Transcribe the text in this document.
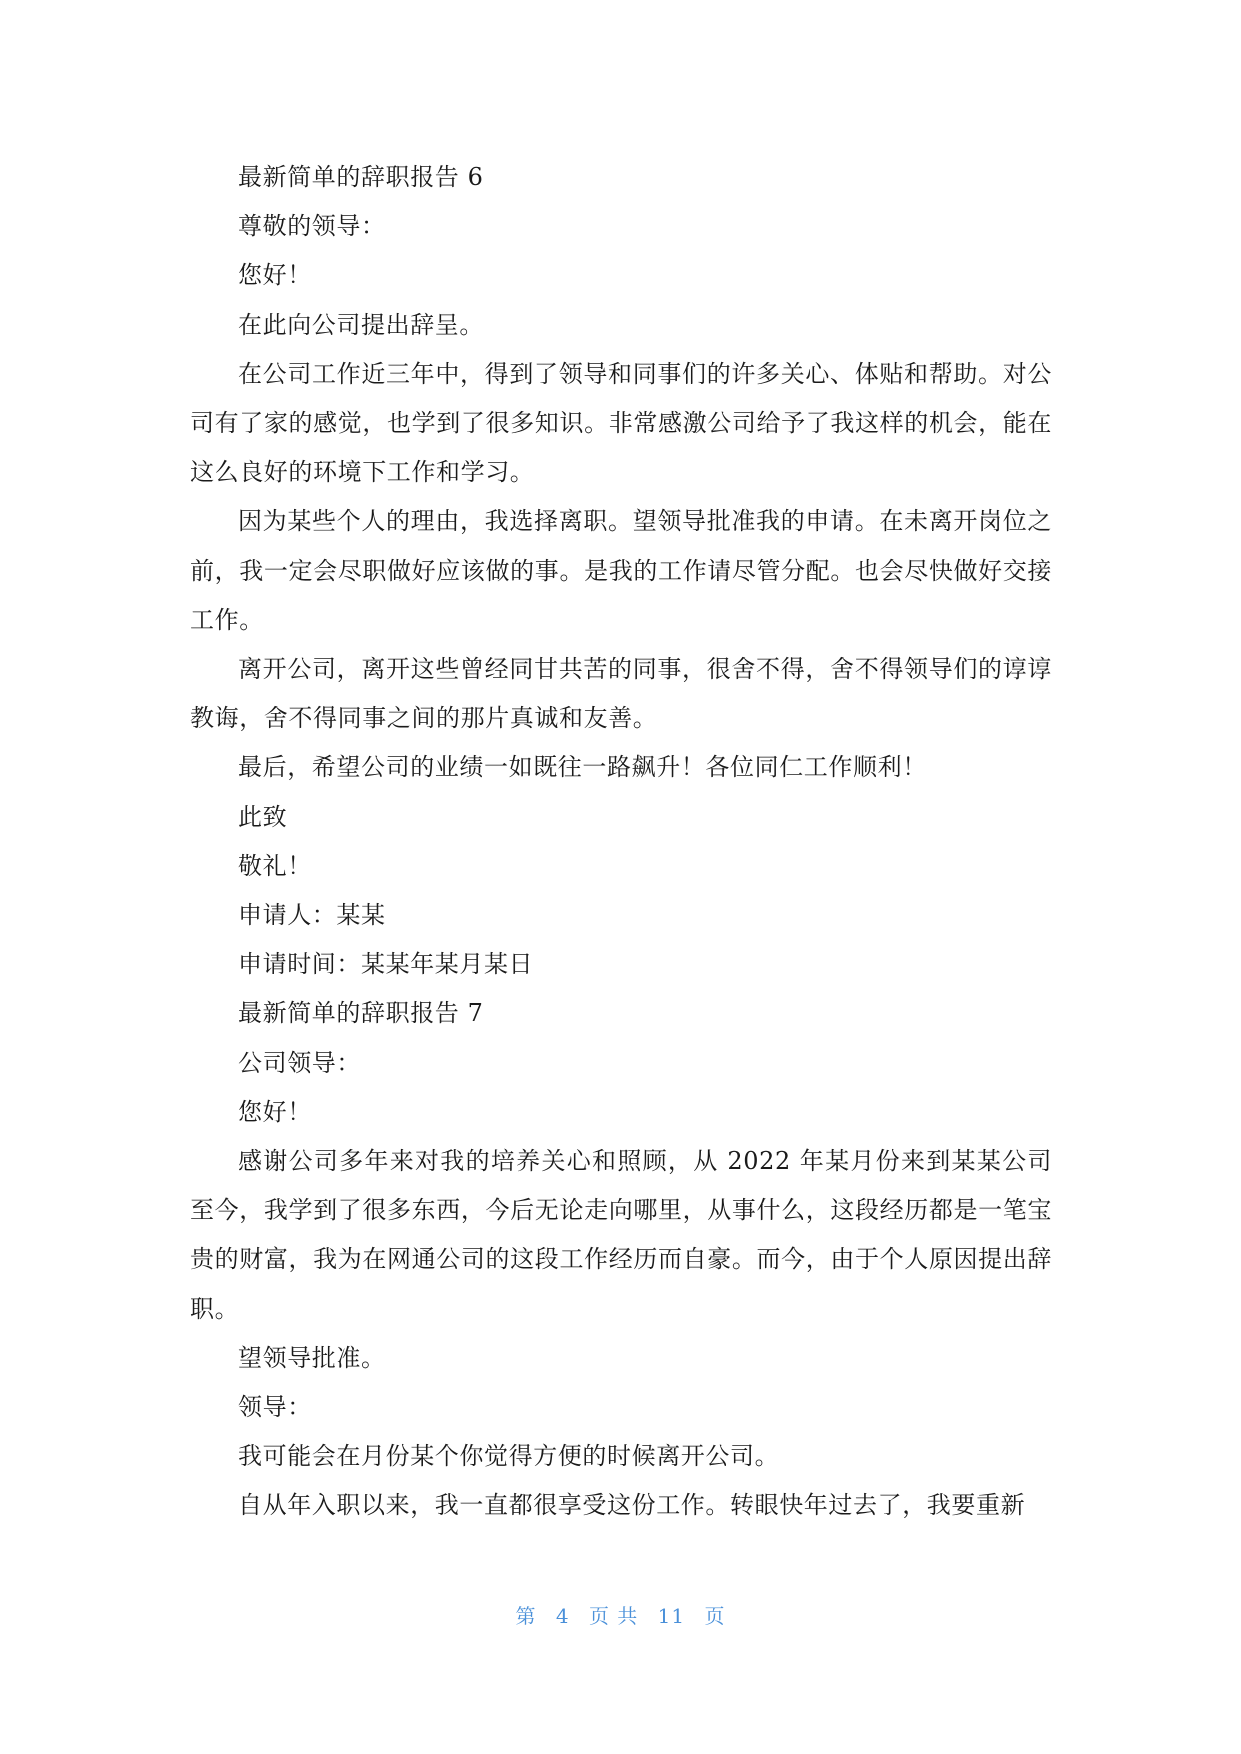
最新简单的辞职报告 6

尊敬的领导：

您好！

在此向公司提出辞呈。

在公司工作近三年中，得到了领导和同事们的许多关心、体贴和帮助。对公司有了家的感觉，也学到了很多知识。非常感激公司给予了我这样的机会，能在这么良好的环境下工作和学习。

因为某些个人的理由，我选择离职。望领导批准我的申请。在未离开岗位之前，我一定会尽职做好应该做的事。是我的工作请尽管分配。也会尽快做好交接工作。

离开公司，离开这些曾经同甘共苦的同事，很舍不得，舍不得领导们的谆谆教诲，舍不得同事之间的那片真诚和友善。

最后，希望公司的业绩一如既往一路飙升！各位同仁工作顺利！

此致

敬礼！

申请人：某某

申请时间：某某年某月某日

最新简单的辞职报告 7

公司领导：

您好！

感谢公司多年来对我的培养关心和照顾，从 2022 年某月份来到某某公司至今，我学到了很多东西，今后无论走向哪里，从事什么，这段经历都是一笔宝贵的财富，我为在网通公司的这段工作经历而自豪。而今，由于个人原因提出辞职。

望领导批准。

领导：

我可能会在月份某个你觉得方便的时候离开公司。

自从年入职以来，我一直都很享受这份工作。转眼快年过去了，我要重新

第 4 页 共 11 页
